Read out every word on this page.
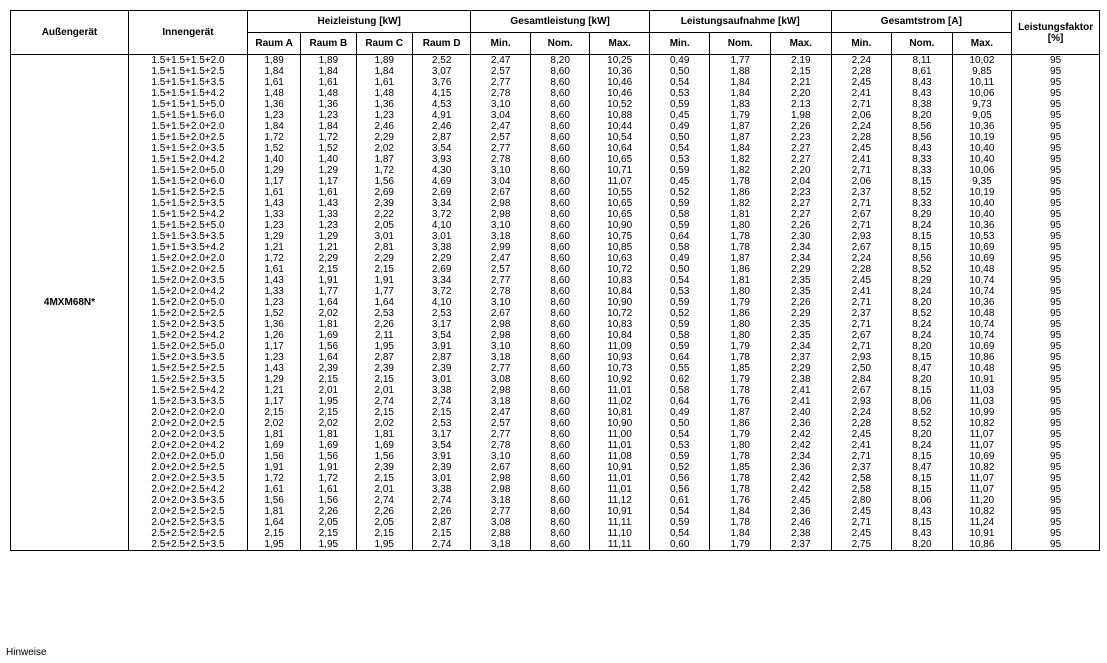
Außengerät	Innengerät	Heizleistung [kW]				Gesamtleistung [kW]			Leistungsaufnahme [kW]			Gesamtstrom [A]			Leistungsfaktor [%]
		Raum A	Raum B	Raum C	Raum D	Min.	Nom.	Max.	Min.	Nom.	Max.	Min.	Nom.	Max.	
4MXM68N*	1.5+1.5+1.5+2.0	1,89	1,89	1,89	2,52	2,47	8,20	10,25	0,49	1,77	2,19	2,24	8,11	10,02	95
	1.5+1.5+1.5+2.5	1,84	1,84	1,84	3,07	2,57	8,60	10,36	0,50	1,88	2,15	2,28	8,61	9,85	95
	1.5+1.5+1.5+3.5	1,61	1,61	1,61	3,76	2,77	8,60	10,46	0,54	1,84	2,21	2,45	8,43	10,11	95
	1.5+1.5+1.5+4.2	1,48	1,48	1,48	4,15	2,78	8,60	10,46	0,53	1,84	2,20	2,41	8,43	10,06	95
	1.5+1.5+1.5+5.0	1,36	1,36	1,36	4,53	3,10	8,60	10,52	0,59	1,83	2,13	2,71	8,38	9,73	95
	1.5+1.5+1.5+6.0	1,23	1,23	1,23	4,91	3,04	8,60	10,88	0,45	1,79	1,98	2,06	8,20	9,05	95
	1.5+1.5+2.0+2.0	1,84	1,84	2,46	2,46	2,47	8,60	10,44	0,49	1,87	2,26	2,24	8,56	10,36	95
	1.5+1.5+2.0+2.5	1,72	1,72	2,29	2,87	2,57	8,60	10,54	0,50	1,87	2,23	2,28	8,56	10,19	95
	1.5+1.5+2.0+3.5	1,52	1,52	2,02	3,54	2,77	8,60	10,64	0,54	1,84	2,27	2,45	8,43	10,40	95
	1.5+1.5+2.0+4.2	1,40	1,40	1,87	3,93	2,78	8,60	10,65	0,53	1,82	2,27	2,41	8,33	10,40	95
	1.5+1.5+2.0+5.0	1,29	1,29	1,72	4,30	3,10	8,60	10,71	0,59	1,82	2,20	2,71	8,33	10,06	95
	1.5+1.5+2.0+6.0	1,17	1,17	1,56	4,69	3,04	8,60	11,07	0,45	1,78	2,04	2,06	8,15	9,35	95
	1.5+1.5+2.5+2.5	1,61	1,61	2,69	2,69	2,67	8,60	10,55	0,52	1,86	2,23	2,37	8,52	10,19	95
	1.5+1.5+2.5+3.5	1,43	1,43	2,39	3,34	2,98	8,60	10,65	0,59	1,82	2,27	2,71	8,33	10,40	95
	1.5+1.5+2.5+4.2	1,33	1,33	2,22	3,72	2,98	8,60	10,65	0,58	1,81	2,27	2,67	8,29	10,40	95
	1.5+1.5+2.5+5.0	1,23	1,23	2,05	4,10	3,10	8,60	10,90	0,59	1,80	2,26	2,71	8,24	10,36	95
	1.5+1.5+3.5+3.5	1,29	1,29	3,01	3,01	3,18	8,60	10,75	0,64	1,78	2,30	2,93	8,15	10,53	95
	1.5+1.5+3.5+4.2	1,21	1,21	2,81	3,38	2,99	8,60	10,85	0,58	1,78	2,34	2,67	8,15	10,69	95
	1.5+2.0+2.0+2.0	1,72	2,29	2,29	2,29	2,47	8,60	10,63	0,49	1,87	2,34	2,24	8,56	10,69	95
	1.5+2.0+2.0+2.5	1,61	2,15	2,15	2,69	2,57	8,60	10,72	0,50	1,86	2,29	2,28	8,52	10,48	95
	1.5+2.0+2.0+3.5	1,43	1,91	1,91	3,34	2,77	8,60	10,83	0,54	1,81	2,35	2,45	8,29	10,74	95
	1.5+2.0+2.0+4.2	1,33	1,77	1,77	3,72	2,78	8,60	10,84	0,53	1,80	2,35	2,41	8,24	10,74	95
	1.5+2.0+2.0+5.0	1,23	1,64	1,64	4,10	3,10	8,60	10,90	0,59	1,79	2,26	2,71	8,20	10,36	95
	1.5+2.0+2.5+2.5	1,52	2,02	2,53	2,53	2,67	8,60	10,72	0,52	1,86	2,29	2,37	8,52	10,48	95
	1.5+2.0+2.5+3.5	1,36	1,81	2,26	3,17	2,98	8,60	10,83	0,59	1,80	2,35	2,71	8,24	10,74	95
	1.5+2.0+2.5+4.2	1,26	1,69	2,11	3,54	2,98	8,60	10,84	0,58	1,80	2,35	2,67	8,24	10,74	95
	1.5+2.0+2.5+5.0	1,17	1,56	1,95	3,91	3,10	8,60	11,09	0,59	1,79	2,34	2,71	8,20	10,69	95
	1.5+2.0+3.5+3.5	1,23	1,64	2,87	2,87	3,18	8,60	10,93	0,64	1,78	2,37	2,93	8,15	10,86	95
	1.5+2.5+2.5+2.5	1,43	2,39	2,39	2,39	2,77	8,60	10,73	0,55	1,85	2,29	2,50	8,47	10,48	95
	1.5+2.5+2.5+3.5	1,29	2,15	2,15	3,01	3,08	8,60	10,92	0,62	1,79	2,38	2,84	8,20	10,91	95
	1.5+2.5+2.5+4.2	1,21	2,01	2,01	3,38	2,98	8,60	11,01	0,58	1,78	2,41	2,67	8,15	11,03	95
	1.5+2.5+3.5+3.5	1,17	1,95	2,74	2,74	3,18	8,60	11,02	0,64	1,76	2,41	2,93	8,06	11,03	95
	2.0+2.0+2.0+2.0	2,15	2,15	2,15	2,15	2,47	8,60	10,81	0,49	1,87	2,40	2,24	8,52	10,99	95
	2.0+2.0+2.0+2.5	2,02	2,02	2,02	2,53	2,57	8,60	10,90	0,50	1,86	2,36	2,28	8,52	10,82	95
	2.0+2.0+2.0+3.5	1,81	1,81	1,81	3,17	2,77	8,60	11,00	0,54	1,79	2,42	2,45	8,20	11,07	95
	2.0+2.0+2.0+4.2	1,69	1,69	1,69	3,54	2,78	8,60	11,01	0,53	1,80	2,42	2,41	8,24	11,07	95
	2.0+2.0+2.0+5.0	1,56	1,56	1,56	3,91	3,10	8,60	11,08	0,59	1,78	2,34	2,71	8,15	10,69	95
	2.0+2.0+2.5+2.5	1,91	1,91	2,39	2,39	2,67	8,60	10,91	0,52	1,85	2,36	2,37	8,47	10,82	95
	2.0+2.0+2.5+3.5	1,72	1,72	2,15	3,01	2,98	8,60	11,01	0,56	1,78	2,42	2,58	8,15	11,07	95
	2.0+2.0+2.5+4.2	1,61	1,61	2,01	3,38	2,98	8,60	11,01	0,56	1,78	2,42	2,58	8,15	11,07	95
	2.0+2.0+3.5+3.5	1,56	1,56	2,74	2,74	3,18	8,60	11,12	0,61	1,76	2,45	2,80	8,06	11,20	95
	2.0+2.5+2.5+2.5	1,81	2,26	2,26	2,26	2,77	8,60	10,91	0,54	1,84	2,36	2,45	8,43	10,82	95
	2.0+2.5+2.5+3.5	1,64	2,05	2,05	2,87	3,08	8,60	11,11	0,59	1,78	2,46	2,71	8,15	11,24	95
	2.5+2.5+2.5+2.5	2,15	2,15	2,15	2,15	2,88	8,60	11,10	0,54	1,84	2,38	2,45	8,43	10,91	95
	2.5+2.5+2.5+3.5	1,95	1,95	1,95	2,74	3,18	8,60	11,11	0,60	1,79	2,37	2,75	8,20	10,86	95
Hinweise
